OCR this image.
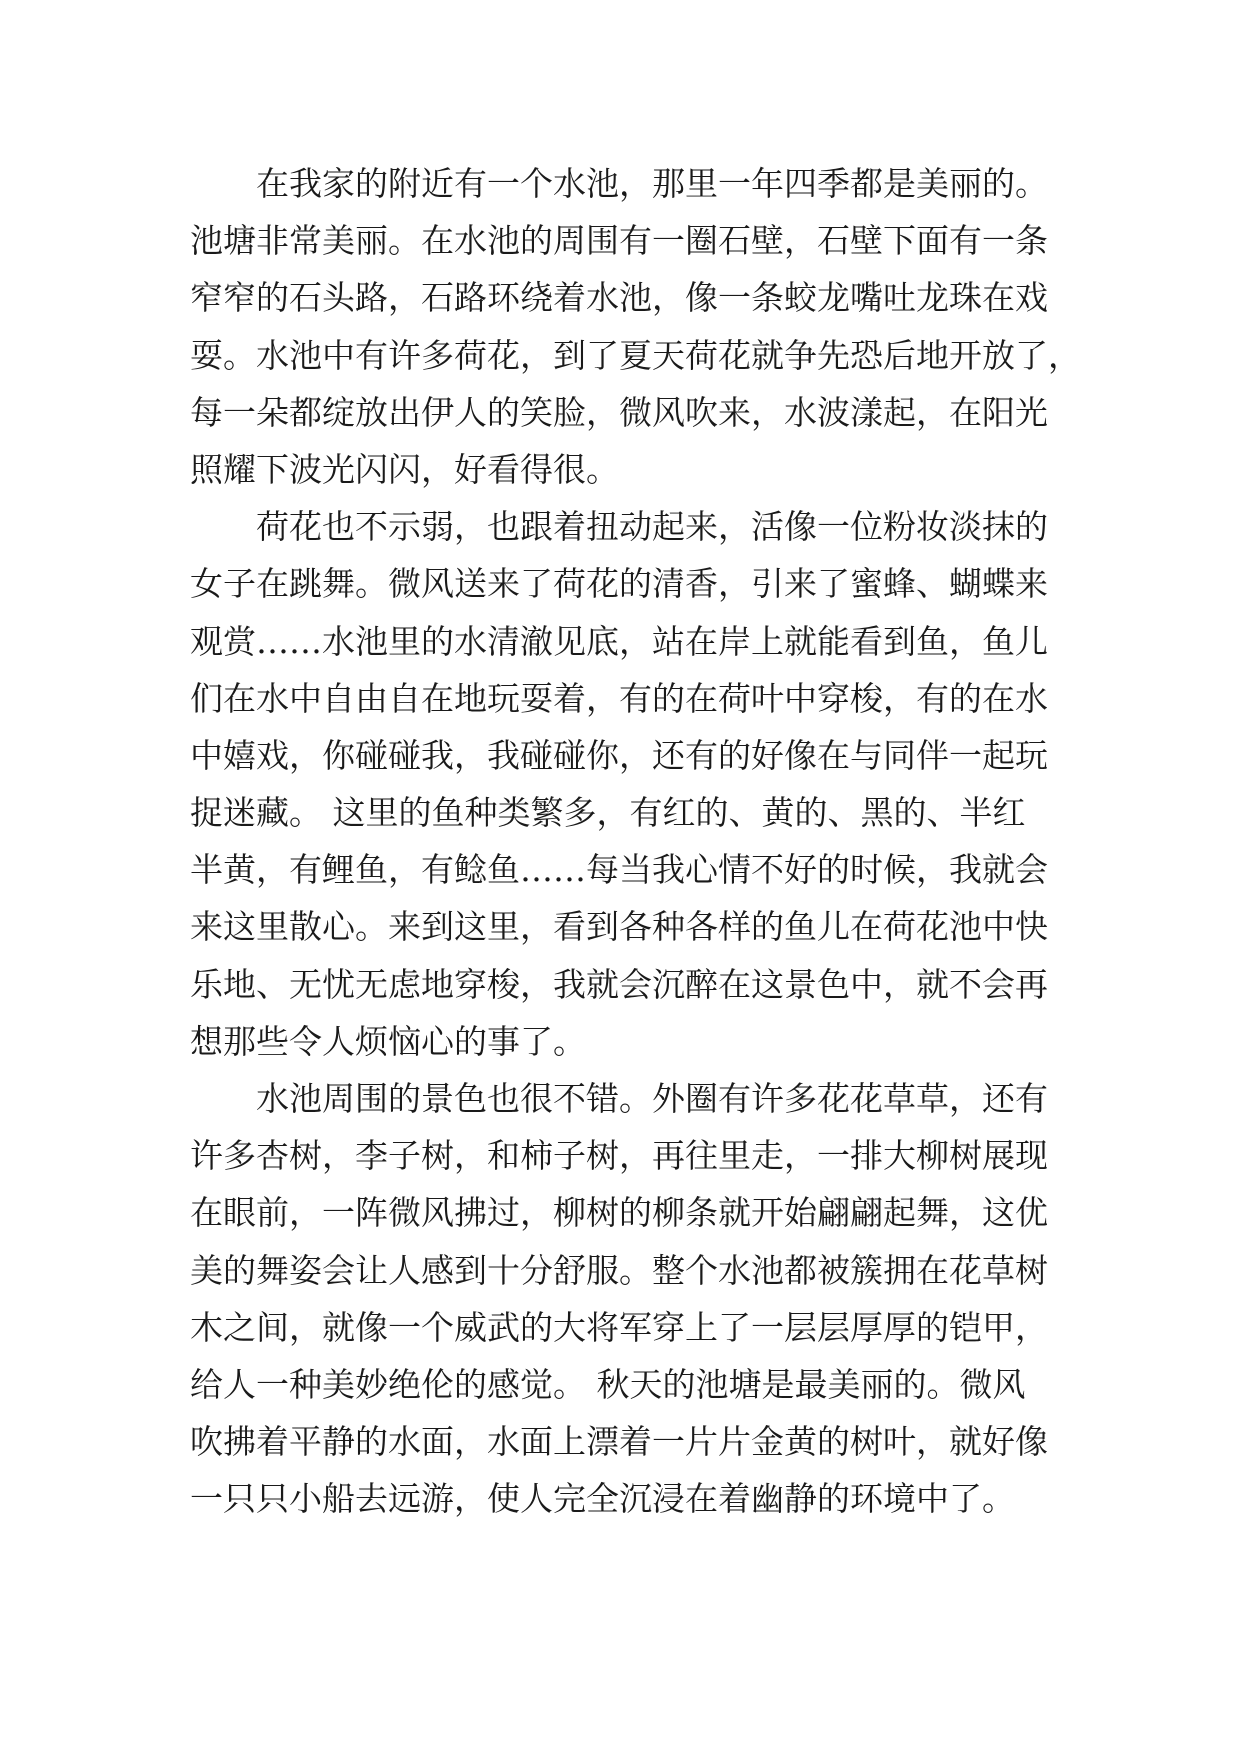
在我家的附近有一个水池，那里一年四季都是美丽的。
池塘非常美丽。在水池的周围有一圈石壁，石壁下面有一条
窄窄的石头路，石路环绕着水池，像一条蛟龙嘴吐龙珠在戏
耍。水池中有许多荷花，到了夏天荷花就争先恐后地开放了，
每一朵都绽放出伊人的笑脸，微风吹来，水波漾起，在阳光
照耀下波光闪闪，好看得很。
荷花也不示弱，也跟着扭动起来，活像一位粉妆淡抹的
女子在跳舞。微风送来了荷花的清香，引来了蜜蜂、蝴蝶来
观赏……水池里的水清澈见底，站在岸上就能看到鱼，鱼儿
们在水中自由自在地玩耍着，有的在荷叶中穿梭，有的在水
中嬉戏，你碰碰我，我碰碰你，还有的好像在与同伴一起玩
捉迷藏。 这里的鱼种类繁多，有红的、黄的、黑的、半红
半黄，有鲤鱼，有鲶鱼……每当我心情不好的时候，我就会
来这里散心。来到这里，看到各种各样的鱼儿在荷花池中快
乐地、无忧无虑地穿梭，我就会沉醉在这景色中，就不会再
想那些令人烦恼心的事了。
水池周围的景色也很不错。外圈有许多花花草草，还有
许多杏树，李子树，和柿子树，再往里走，一排大柳树展现
在眼前，一阵微风拂过，柳树的柳条就开始翩翩起舞，这优
美的舞姿会让人感到十分舒服。整个水池都被簇拥在花草树
木之间，就像一个威武的大将军穿上了一层层厚厚的铠甲，
给人一种美妙绝伦的感觉。 秋天的池塘是最美丽的。微风
吹拂着平静的水面，水面上漂着一片片金黄的树叶，就好像
一只只小船去远游，使人完全沉浸在着幽静的环境中了。
